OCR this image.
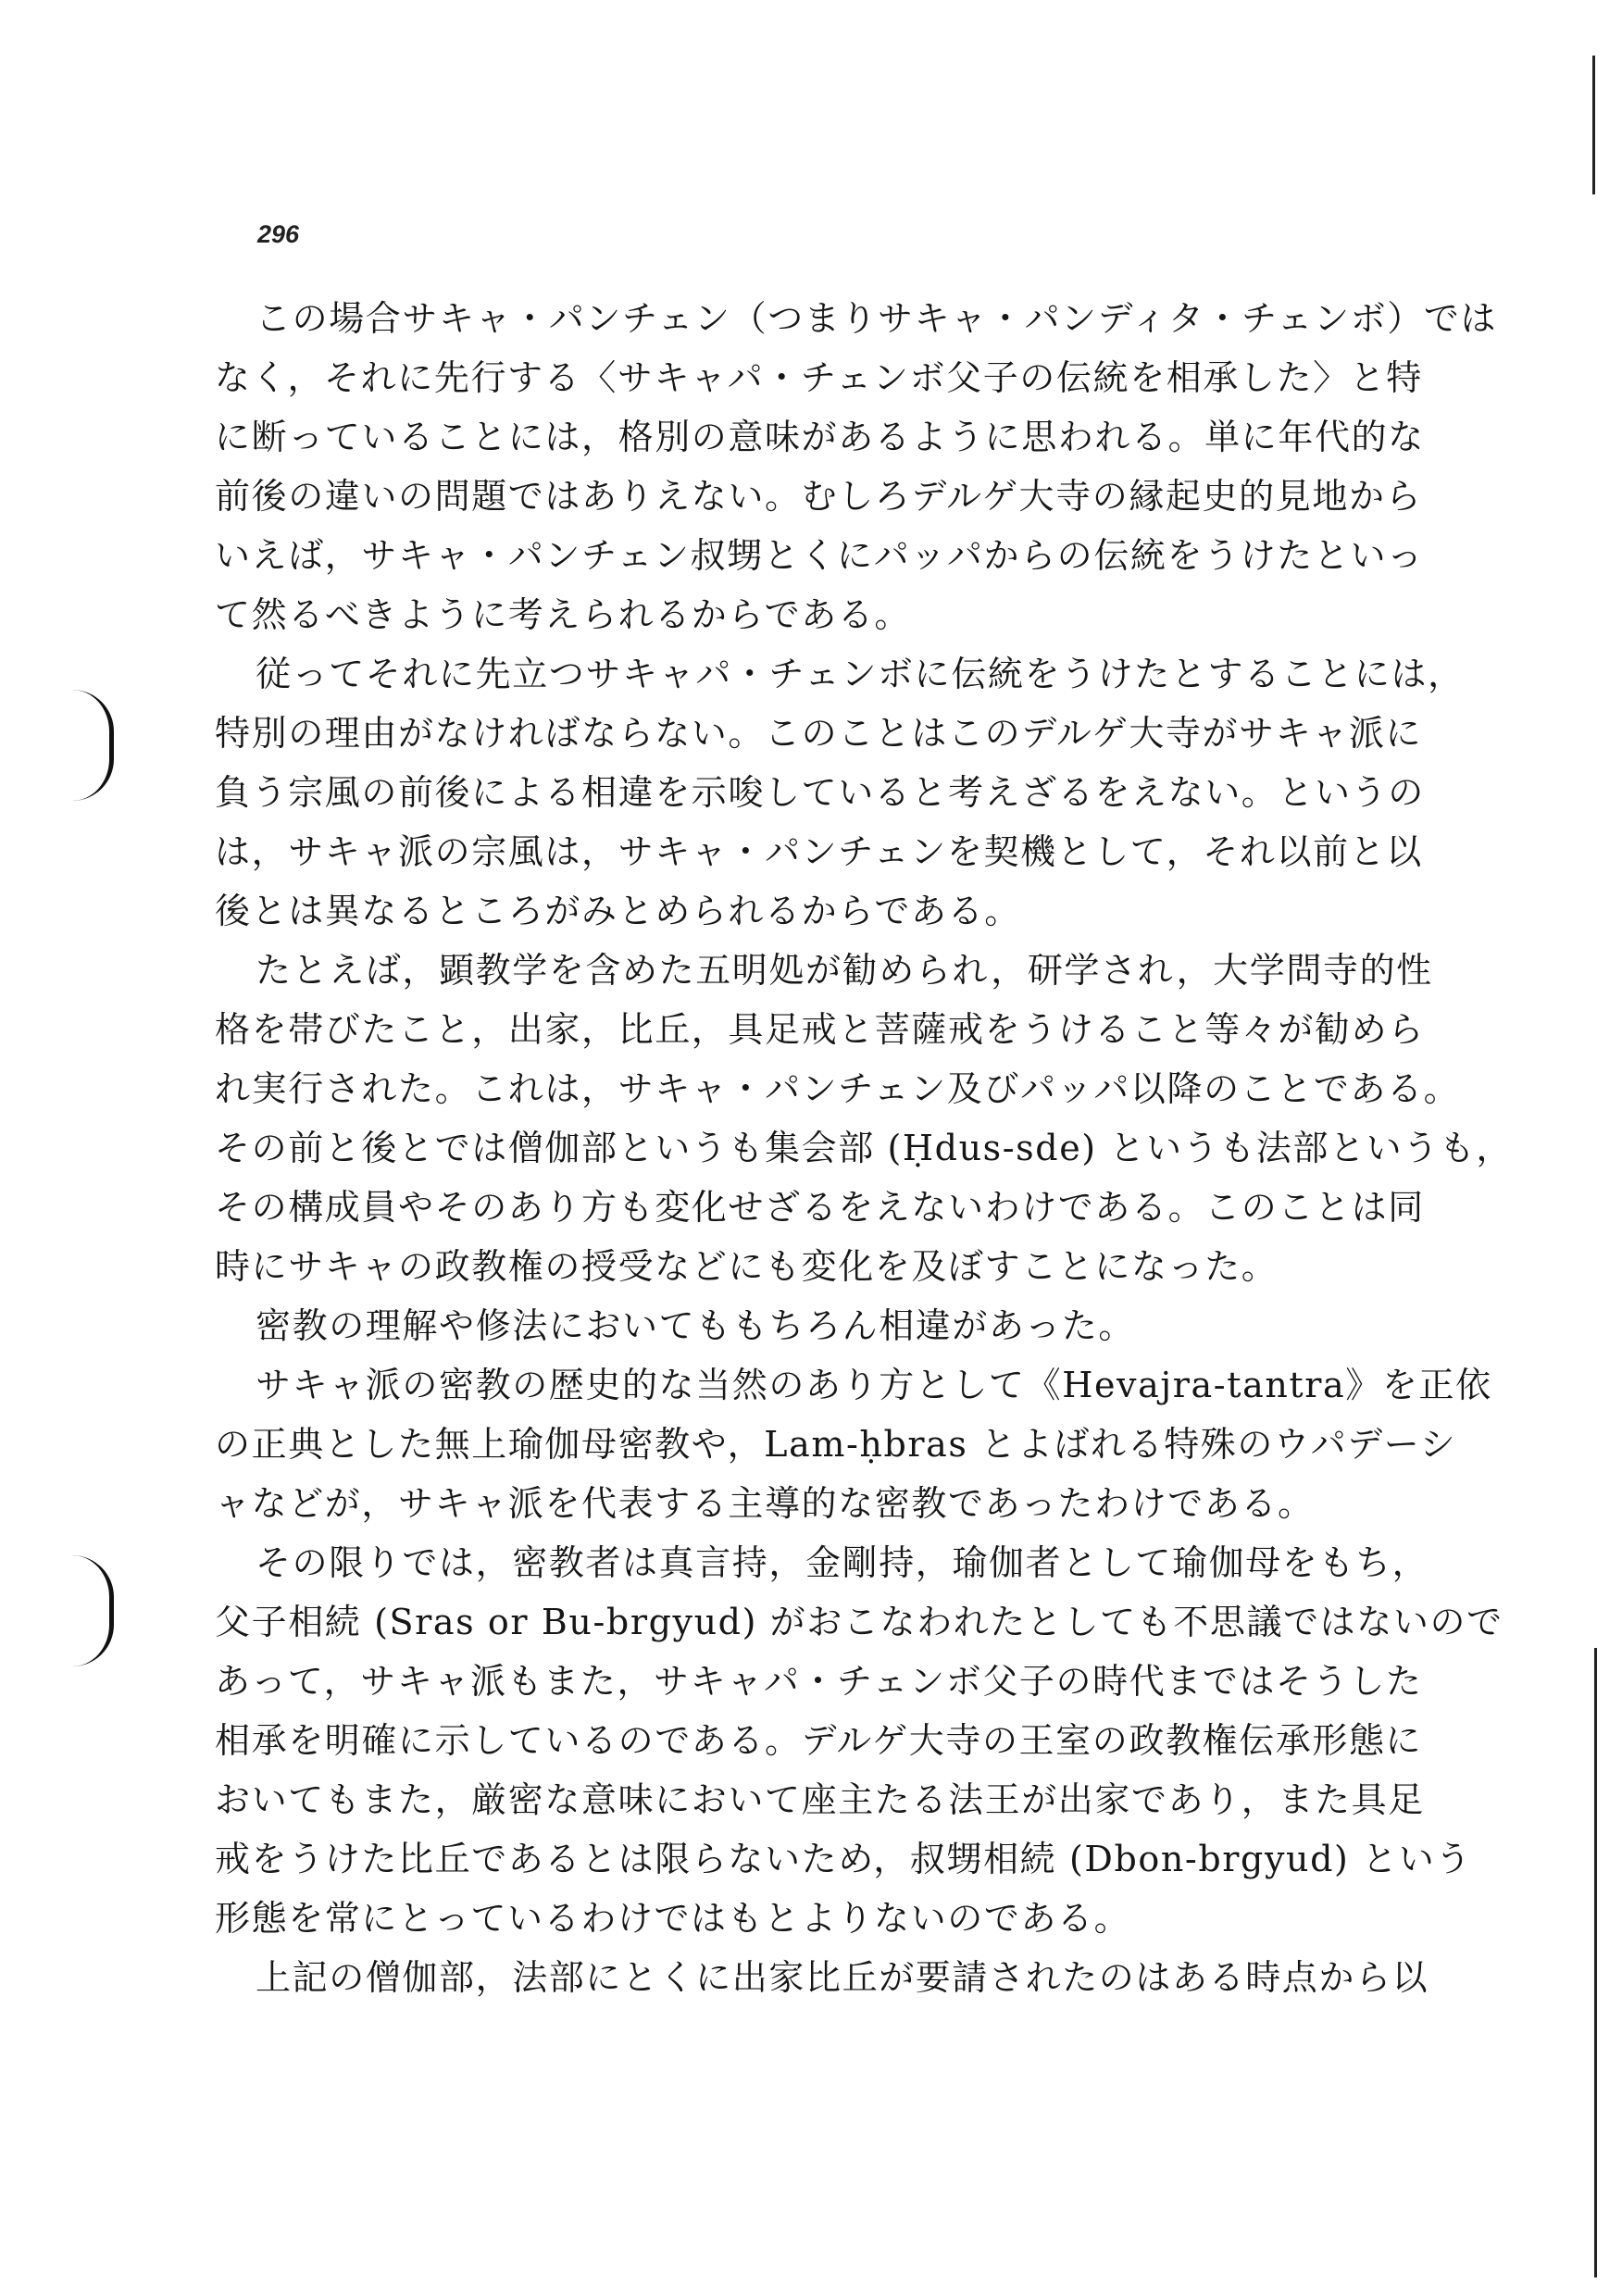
296
この場合サキャ・パンチェン（つまりサキャ・パンディタ・チェンボ）では
なく，それに先行する〈サキャパ・チェンボ父子の伝統を相承した〉と特
に断っていることには，格別の意味があるように思われる。単に年代的な
前後の違いの問題ではありえない。むしろデルゲ大寺の縁起史的見地から
いえば，サキャ・パンチェン叔甥とくにパッパからの伝統をうけたといっ
て然るべきように考えられるからである。
従ってそれに先立つサキャパ・チェンボに伝統をうけたとすることには，
特別の理由がなければならない。このことはこのデルゲ大寺がサキャ派に
負う宗風の前後による相違を示唆していると考えざるをえない。というの
は，サキャ派の宗風は，サキャ・パンチェンを契機として，それ以前と以
後とは異なるところがみとめられるからである。
たとえば，顕教学を含めた五明処が勧められ，研学され，大学問寺的性
格を帯びたこと，出家，比丘，具足戒と菩薩戒をうけること等々が勧めら
れ実行された。これは，サキャ・パンチェン及びパッパ以降のことである。
その前と後とでは僧伽部というも集会部 (Ḥdus-sde) というも法部というも，
その構成員やそのあり方も変化せざるをえないわけである。このことは同
時にサキャの政教権の授受などにも変化を及ぼすことになった。
密教の理解や修法においてももちろん相違があった。
サキャ派の密教の歴史的な当然のあり方として《Hevajra-tantra》を正依
の正典とした無上瑜伽母密教や，Lam-ḥbras とよばれる特殊のウパデーシ
ャなどが，サキャ派を代表する主導的な密教であったわけである。
その限りでは，密教者は真言持，金剛持，瑜伽者として瑜伽母をもち，
父子相続 (Sras or Bu-brgyud) がおこなわれたとしても不思議ではないので
あって，サキャ派もまた，サキャパ・チェンボ父子の時代まではそうした
相承を明確に示しているのである。デルゲ大寺の王室の政教権伝承形態に
おいてもまた，厳密な意味において座主たる法王が出家であり，また具足
戒をうけた比丘であるとは限らないため，叔甥相続 (Dbon-brgyud) という
形態を常にとっているわけではもとよりないのである。
上記の僧伽部，法部にとくに出家比丘が要請されたのはある時点から以
